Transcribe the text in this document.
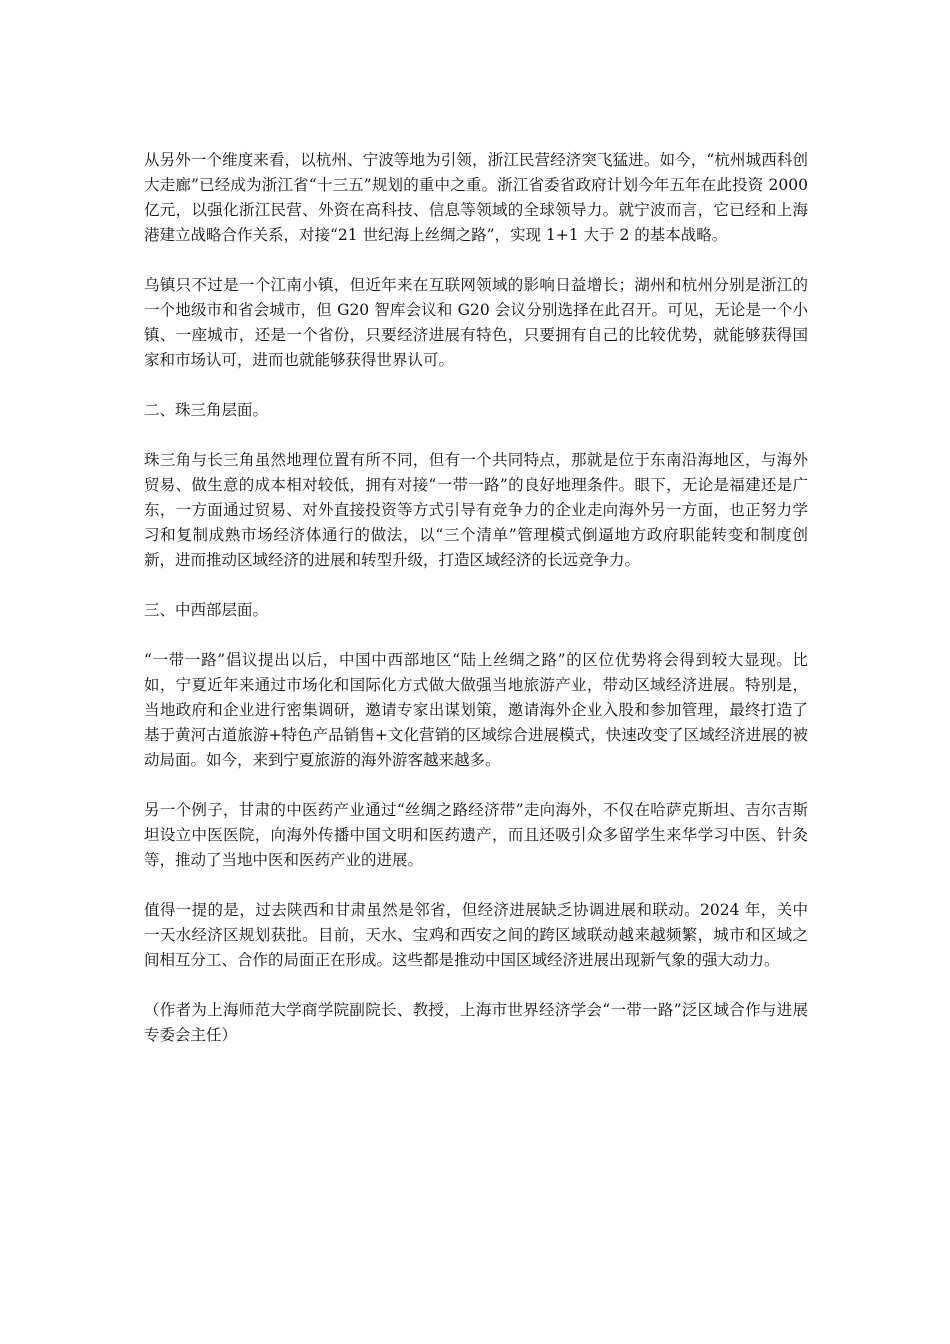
从另外一个维度来看，以杭州、宁波等地为引领，浙江民营经济突飞猛进。如今，“杭州城西科创大走廊”已经成为浙江省“十三五”规划的重中之重。浙江省委省政府计划今年五年在此投资 2000 亿元，以强化浙江民营、外资在高科技、信息等领域的全球领导力。就宁波而言，它已经和上海港建立战略合作关系，对接“21 世纪海上丝绸之路”，实现 1+1 大于 2 的基本战略。

乌镇只不过是一个江南小镇，但近年来在互联网领域的影响日益增长；湖州和杭州分别是浙江的一个地级市和省会城市，但 G20 智库会议和 G20 会议分别选择在此召开。可见，无论是一个小镇、一座城市，还是一个省份，只要经济进展有特色，只要拥有自己的比较优势，就能够获得国家和市场认可，进而也就能够获得世界认可。

二、珠三角层面。

珠三角与长三角虽然地理位置有所不同，但有一个共同特点，那就是位于东南沿海地区，与海外贸易、做生意的成本相对较低，拥有对接“一带一路”的良好地理条件。眼下，无论是福建还是广东，一方面通过贸易、对外直接投资等方式引导有竞争力的企业走向海外另一方面，也正努力学习和复制成熟市场经济体通行的做法，以“三个清单”管理模式倒逼地方政府职能转变和制度创新，进而推动区域经济的进展和转型升级，打造区域经济的长远竞争力。

三、中西部层面。

“一带一路”倡议提出以后，中国中西部地区“陆上丝绸之路”的区位优势将会得到较大显现。比如，宁夏近年来通过市场化和国际化方式做大做强当地旅游产业，带动区域经济进展。特别是，当地政府和企业进行密集调研，邀请专家出谋划策，邀请海外企业入股和参加管理，最终打造了基于黄河古道旅游+特色产品销售+文化营销的区域综合进展模式，快速改变了区域经济进展的被动局面。如今，来到宁夏旅游的海外游客越来越多。

另一个例子，甘肃的中医药产业通过“丝绸之路经济带”走向海外，不仅在哈萨克斯坦、吉尔吉斯坦设立中医医院，向海外传播中国文明和医药遗产，而且还吸引众多留学生来华学习中医、针灸等，推动了当地中医和医药产业的进展。

值得一提的是，过去陕西和甘肃虽然是邻省，但经济进展缺乏协调进展和联动。2024 年，关中一天水经济区规划获批。目前，天水、宝鸡和西安之间的跨区域联动越来越频繁，城市和区域之间相互分工、合作的局面正在形成。这些都是推动中国区域经济进展出现新气象的强大动力。

（作者为上海师范大学商学院副院长、教授，上海市世界经济学会“一带一路”泛区域合作与进展专委会主任）
